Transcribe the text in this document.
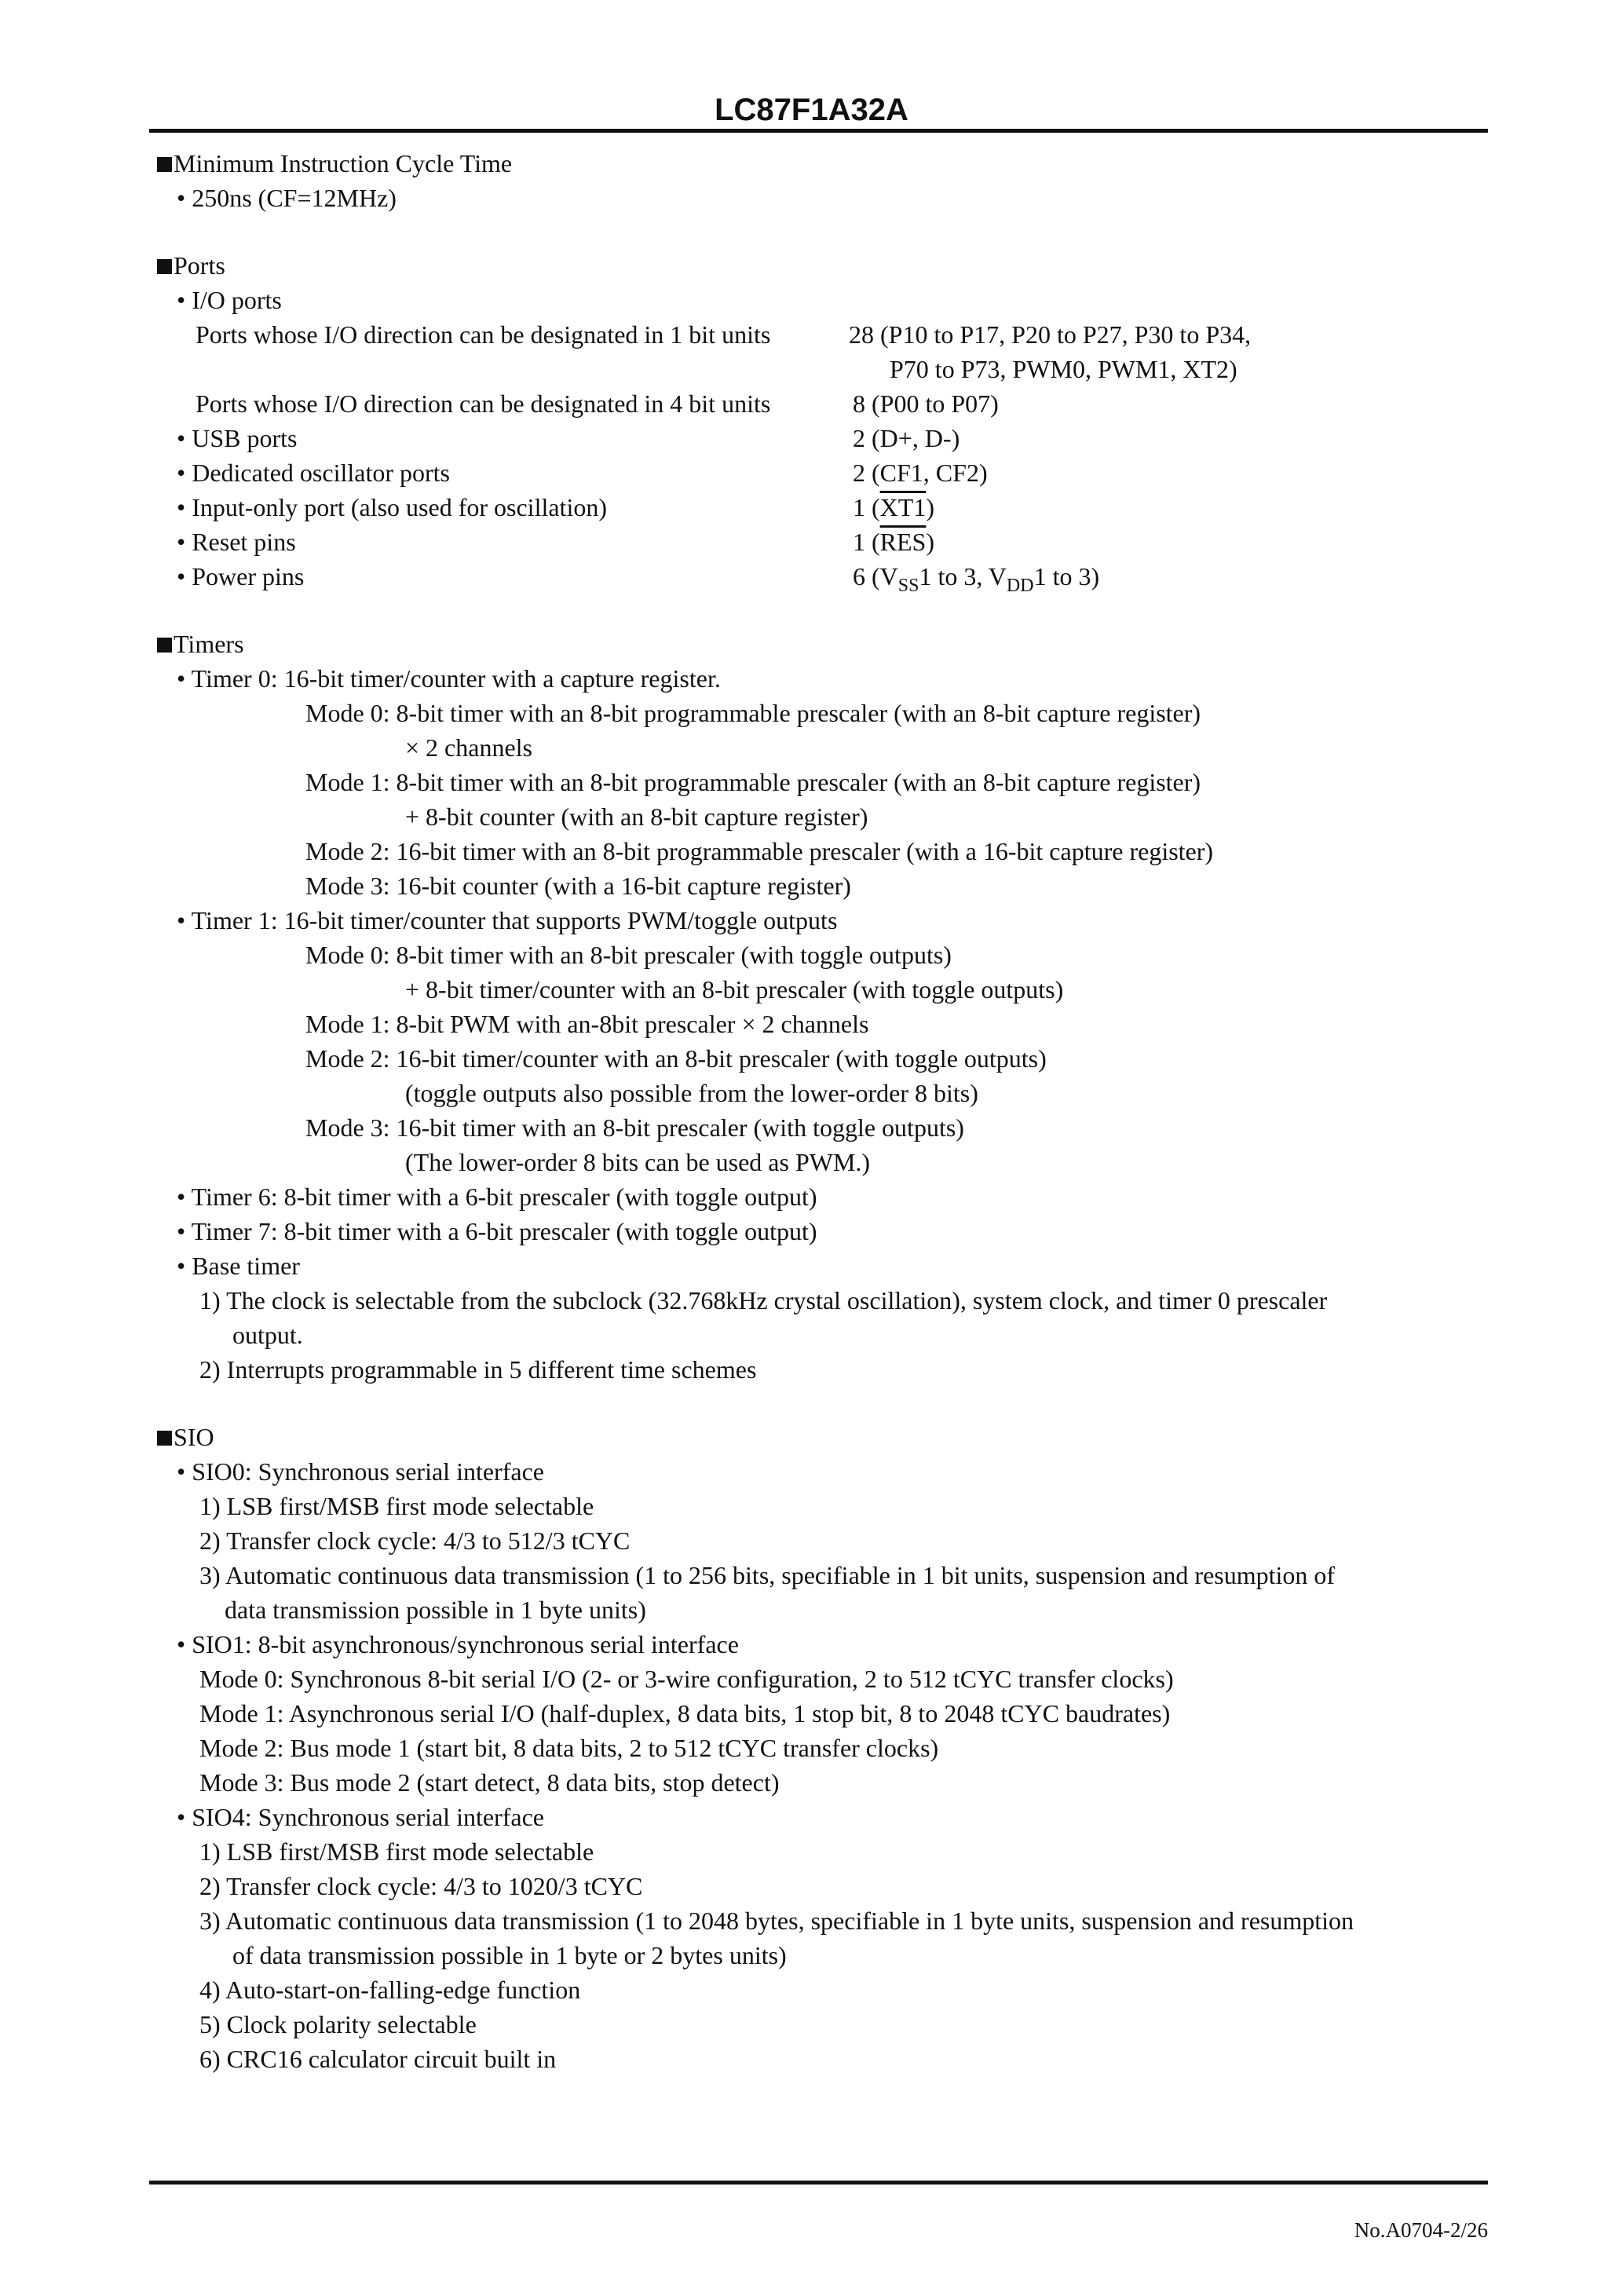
LC87F1A32A
Minimum Instruction Cycle Time
• 250ns (CF=12MHz)
Ports
• I/O ports
Ports whose I/O direction can be designated in 1 bit units	28 (P10 to P17, P20 to P27, P30 to P34,
P70 to P73, PWM0, PWM1, XT2)
Ports whose I/O direction can be designated in 4 bit units	8 (P00 to P07)
• USB ports	2 (D+, D-)
• Dedicated oscillator ports	2 (CF1, CF2)
• Input-only port (also used for oscillation)	1 (XT1)
• Reset pins	1 $(\overline{RES})$
• Power pins	6 ($V_{SS}1$ to 3, $V_{DD}1$ to 3)
Timers
• Timer 0: 16-bit timer/counter with a capture register.
Mode 0: 8-bit timer with an 8-bit programmable prescaler (with an 8-bit capture register)
× 2 channels
Mode 1: 8-bit timer with an 8-bit programmable prescaler (with an 8-bit capture register)
+ 8-bit counter (with an 8-bit capture register)
Mode 2: 16-bit timer with an 8-bit programmable prescaler (with a 16-bit capture register)
Mode 3: 16-bit counter (with a 16-bit capture register)
• Timer 1: 16-bit timer/counter that supports PWM/toggle outputs
Mode 0: 8-bit timer with an 8-bit prescaler (with toggle outputs)
+ 8-bit timer/counter with an 8-bit prescaler (with toggle outputs)
Mode 1: 8-bit PWM with an-8bit prescaler × 2 channels
Mode 2: 16-bit timer/counter with an 8-bit prescaler (with toggle outputs)
(toggle outputs also possible from the lower-order 8 bits)
Mode 3: 16-bit timer with an 8-bit prescaler (with toggle outputs)
(The lower-order 8 bits can be used as PWM.)
• Timer 6: 8-bit timer with a 6-bit prescaler (with toggle output)
• Timer 7: 8-bit timer with a 6-bit prescaler (with toggle output)
• Base timer
1) The clock is selectable from the subclock (32.768kHz crystal oscillation), system clock, and timer 0 prescaler
output.
2) Interrupts programmable in 5 different time schemes
SIO
• SIO0: Synchronous serial interface
1) LSB first/MSB first mode selectable
2) Transfer clock cycle: 4/3 to 512/3 tCYC
3) Automatic continuous data transmission (1 to 256 bits, specifiable in 1 bit units, suspension and resumption of
data transmission possible in 1 byte units)
• SIO1: 8-bit asynchronous/synchronous serial interface
Mode 0: Synchronous 8-bit serial I/O (2- or 3-wire configuration, 2 to 512 tCYC transfer clocks)
Mode 1: Asynchronous serial I/O (half-duplex, 8 data bits, 1 stop bit, 8 to 2048 tCYC baudrates)
Mode 2: Bus mode 1 (start bit, 8 data bits, 2 to 512 tCYC transfer clocks)
Mode 3: Bus mode 2 (start detect, 8 data bits, stop detect)
• SIO4: Synchronous serial interface
1) LSB first/MSB first mode selectable
2) Transfer clock cycle: 4/3 to 1020/3 tCYC
3) Automatic continuous data transmission (1 to 2048 bytes, specifiable in 1 byte units, suspension and resumption
of data transmission possible in 1 byte or 2 bytes units)
4) Auto-start-on-falling-edge function
5) Clock polarity selectable
6) CRC16 calculator circuit built in
No.A0704-2/26
